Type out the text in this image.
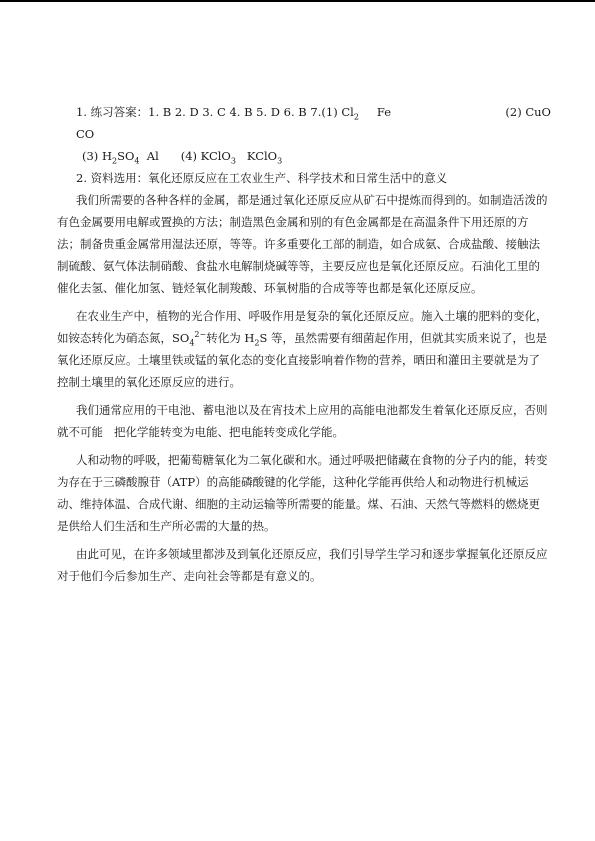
1. 练习答案：1. B 2. D 3. C 4. B 5. D 6. B 7.(1) $Cl_2$ Fe	(2) CuO
CO
(3) $H_2SO_4$ Al (4) KClO$_3$ KClO$_3$
2. 资料选用：氧化还原反应在工农业生产、科学技术和日常生活中的意义
我们所需要的各种各样的金属，都是通过氧化还原反应从矿石中提炼而得到的。如制造活泼的有色金属要用电解或置换的方法；制造黑色金属和别的有色金属都是在高温条件下用还原的方法；制备贵重金属常用湿法还原，等等。许多重要化工部的制造，如合成氨、合成盐酸、接触法制硫酸、氨气体法制硝酸、食盐水电解制烧碱等等，主要反应也是氧化还原反应。石油化工里的催化去氢、催化加氢、链烃氧化制羧酸、环氧树脂的合成等等也都是氧化还原反应。
在农业生产中，植物的光合作用、呼吸作用是复杂的氧化还原反应。施入土壤的肥料的变化，如铵态转化为硝态氮，$SO_4^{2-}$转化为 $H_2S$ 等，虽然需要有细菌起作用，但就其实质来说了，也是氧化还原反应。土壤里铁或锰的氧化态的变化直接影响着作物的营养，晒田和灌田主要就是为了控制土壤里的氧化还原反应的进行。
我们通常应用的干电池、蓄电池以及在宵技术上应用的高能电池都发生着氧化还原反应，否则就不可能 把化学能转变为电能、把电能转变成化学能。
人和动物的呼吸，把葡萄糖氧化为二氧化碳和水。通过呼吸把储藏在食物的分子内的能，转变为存在于三磷酸腺苷（ATP）的高能磷酸键的化学能，这种化学能再供给人和动物进行机械运动、维持体温、合成代谢、细胞的主动运输等所需要的能量。煤、石油、天然气等燃料的燃烧更是供给人们生活和生产所必需的大量的热。
由此可见，在许多领域里都涉及到氧化还原反应，我们引导学生学习和逐步掌握氧化还原反应对于他们今后参加生产、走向社会等都是有意义的。
